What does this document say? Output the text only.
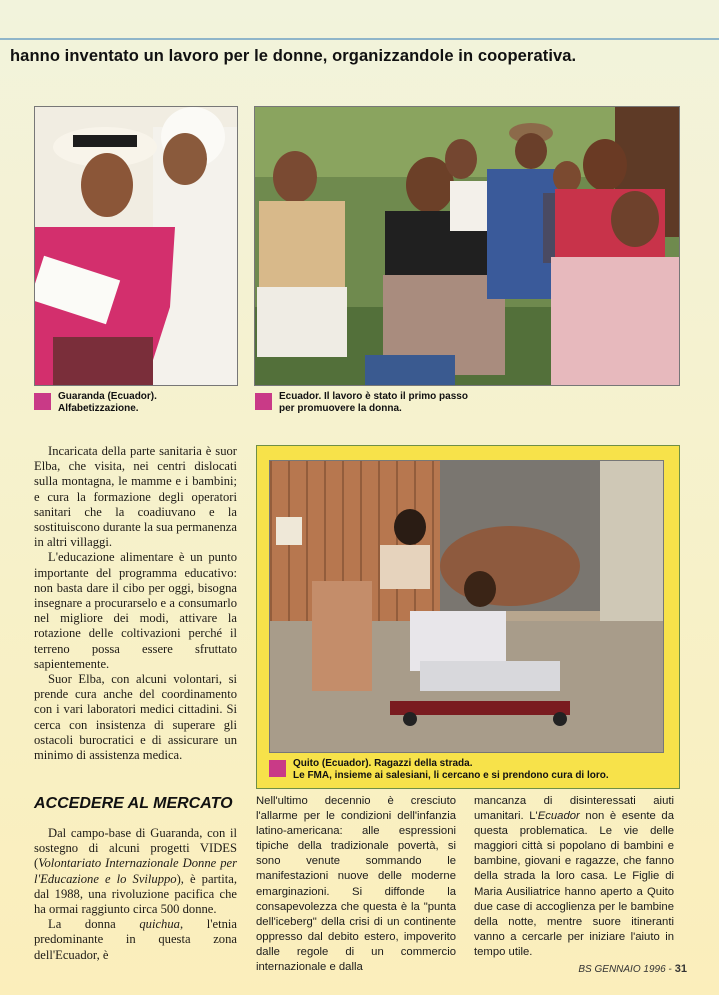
hanno inventato un lavoro per le donne, organizzandole in cooperativa.
Guaranda (Ecuador).
Alfabetizzazione.
Ecuador. Il lavoro è stato il primo passo
per promuovere la donna.

Incaricata della parte sanitaria è suor Elba, che visita, nei centri dislocati sulla montagna, le mamme e i bambini; e cura la formazione degli operatori sanitari che la coadiuvano e la sostituiscono durante la sua permanenza in altri villaggi.

L'educazione alimentare è un punto importante del programma educativo: non basta dare il cibo per oggi, bisogna insegnare a procurarselo e a consumarlo nel migliore dei modi, attivare la rotazione delle coltivazioni perché il terreno possa essere sfruttato sapientemente.

Suor Elba, con alcuni volontari, si prende cura anche del coordinamento con i vari laboratori medici cittadini. Si cerca con insistenza di superare gli ostacoli burocratici e di assicurare un minimo di assistenza medica.

ACCEDERE AL MERCATO

Dal campo-base di Guaranda, con il sostegno di alcuni progetti VIDES (Volontariato Internazionale Donne per l'Educazione e lo Sviluppo), è partita, dal 1988, una rivoluzione pacifica che ha ormai raggiunto circa 500 donne.

La donna quichua, l'etnia predominante in questa zona dell'Ecuador, è

Quito (Ecuador). Ragazzi della strada.
Le FMA, insieme ai salesiani, li cercano e si prendono cura di loro.

Nell'ultimo decennio è cresciuto l'allarme per le condizioni dell'infanzia latino-americana: alle espressioni tipiche della tradizionale povertà, si sono venute sommando le manifestazioni nuove delle moderne emarginazioni. Si diffonde la consapevolezza che questa è la "punta dell'iceberg" della crisi di un continente oppresso dal debito estero, impoverito dalle regole di un commercio internazionale e dalla

mancanza di disinteressati aiuti umanitari. L'Ecuador non è esente da questa problematica. Le vie delle maggiori città si popolano di bambini e bambine, giovani e ragazze, che fanno della strada la loro casa. Le Figlie di Maria Ausiliatrice hanno aperto a Quito due case di accoglienza per le bambine della notte, mentre suore itineranti vanno a cercarle per iniziare l'aiuto in tempo utile.

BS GENNAIO 1996 - 31
